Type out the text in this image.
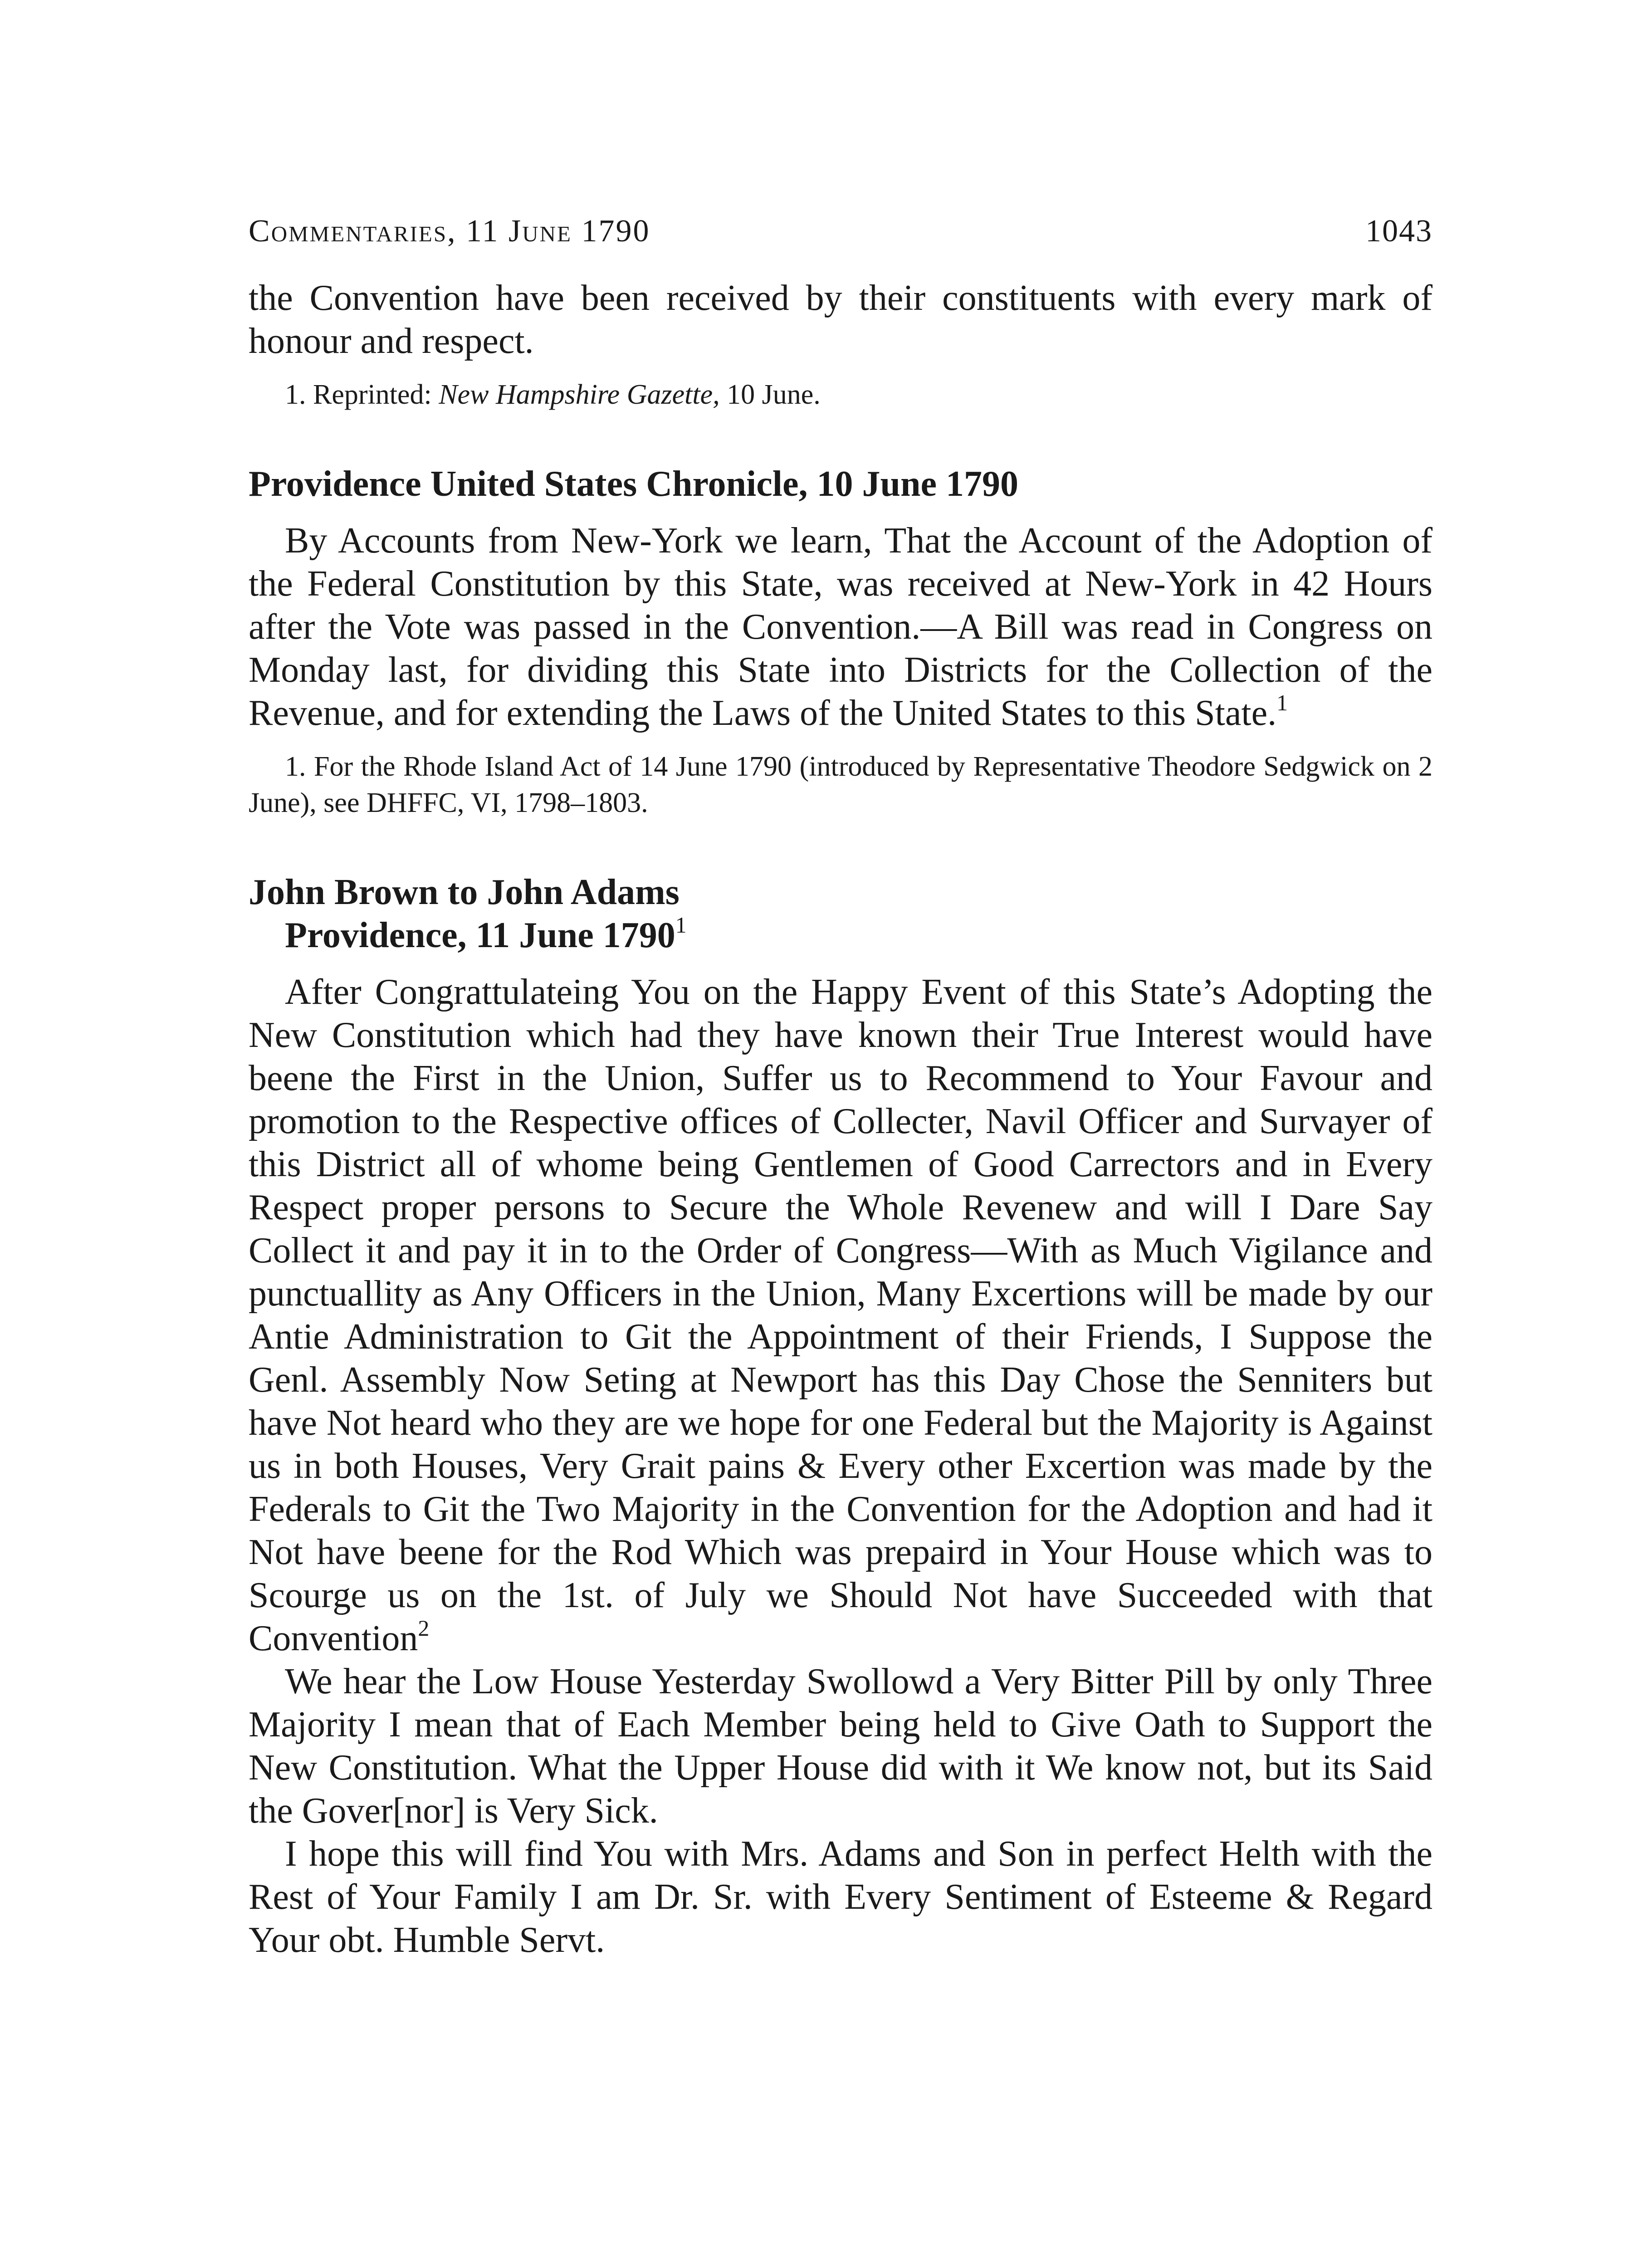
Commentaries, 11 June 1790	1043

the Convention have been received by their constituents with every mark of honour and respect.

1. Reprinted: New Hampshire Gazette, 10 June.

Providence United States Chronicle, 10 June 1790

By Accounts from New-York we learn, That the Account of the Adoption of the Federal Constitution by this State, was received at New-York in 42 Hours after the Vote was passed in the Convention.—A Bill was read in Congress on Monday last, for dividing this State into Districts for the Collection of the Revenue, and for extending the Laws of the United States to this State.$^1$

1. For the Rhode Island Act of 14 June 1790 (introduced by Representative Theodore Sedgwick on 2 June), see DHFFC, VI, 1798–1803.

John Brown to John Adams
Providence, 11 June 1790$^1$

After Congrattulateing You on the Happy Event of this State’s Adopting the New Constitution which had they have known their True Interest would have beene the First in the Union, Suffer us to Recommend to Your Favour and promotion to the Respective offices of Collecter, Navil Officer and Survayer of this District all of whome being Gentlemen of Good Carrectors and in Every Respect proper persons to Secure the Whole Revenew and will I Dare Say Collect it and pay it in to the Order of Congress—With as Much Vigilance and punctuallity as Any Officers in the Union, Many Excertions will be made by our Antie Administration to Git the Appointment of their Friends, I Suppose the Genl. Assembly Now Seting at Newport has this Day Chose the Senniters but have Not heard who they are we hope for one Federal but the Majority is Against us in both Houses, Very Grait pains & Every other Excertion was made by the Federals to Git the Two Majority in the Convention for the Adoption and had it Not have beene for the Rod Which was prepaird in Your House which was to Scourge us on the 1st. of July we Should Not have Succeeded with that Convention$^2$

We hear the Low House Yesterday Swollowd a Very Bitter Pill by only Three Majority I mean that of Each Member being held to Give Oath to Support the New Constitution. What the Upper House did with it We know not, but its Said the Gover[nor] is Very Sick.

I hope this will find You with Mrs. Adams and Son in perfect Helth with the Rest of Your Family I am Dr. Sr. with Every Sentiment of Esteeme & Regard Your obt. Humble Servt.
